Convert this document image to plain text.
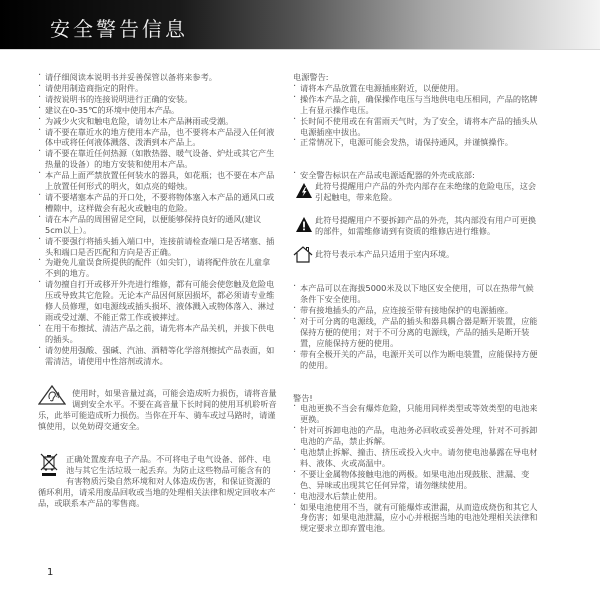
安全警告信息
· 请仔细阅读本说明书并妥善保管以备将来参考。
· 请使用制造商指定的附件。
· 请按说明书的连接说明进行正确的安装。
· 建议在0-35℃的环境中使用本产品。
· 为减少火灾和触电危险，请勿让本产品淋雨或受潮。
· 请不要在靠近水的地方使用本产品，也不要将本产品浸入任何液体中或将任何液体溅落、泼洒到本产品上。
· 请不要在靠近任何热源（如散热器、暖气设备、炉灶或其它产生热量的设备）的地方安装和使用本产品。
· 本产品上面严禁放置任何装水的器具，如花瓶；也不要在本产品上放置任何形式的明火，如点亮的蜡烛。
· 请不要堵塞本产品的开口处，不要将物体塞入本产品的通风口或槽隙中，这样做会有起火或触电的危险。
· 请在本产品的周围留足空间，以便能够保持良好的通风(建议5cm以上）。
· 请不要强行将插头插入端口中，连接前请检查端口是否堵塞、插头和端口是否匹配和方向是否正确。
· 为避免儿童误食所提供的配件（如尖钉），请将配件放在儿童拿不到的地方。
· 请勿擅自打开或移开外壳进行维修，都有可能会使您触及危险电压或导致其它危险。无论本产品因何原因损坏，都必须请专业维修人员修理，如电源线或插头损坏、液体溅入或物体落入、淋过雨或受过潮、不能正常工作或被摔过。
· 在用干布擦拭、清洁产品之前，请先将本产品关机，并拔下供电的插头。
· 请勿使用强酸、强碱、汽油、酒精等化学溶剂擦拭产品表面，如需清洁，请使用中性溶剂或清水。
使用时，如果音量过高，可能会造成听力损伤，请将音量调到安全水平。不要在高音量下长时间的使用耳机聆听音乐，此举可能造成听力损伤。当你在开车、骑车或过马路时，请谨慎使用，以免妨碍交通安全。
正确处置废弃电子产品。不可将电子电气设备、部件、电池与其它生活垃圾一起丢弃。为防止这些物品可能含有的有害物质污染自然环境和对人体造成伤害，和保证资源的循环利用，请采用废品回收或当地的处理相关法律和规定回收本产品，或联系本产品的零售商。
电源警告:
· 请将本产品放置在电源插座附近，以便使用。
· 操作本产品之前，确保操作电压与当地供电电压相同，产品的铭牌上有显示操作电压。
· 长时间不使用或在有雷雨天气时，为了安全，请将本产品的插头从电源插座中拔出。
· 正常情况下，电源可能会发热，请保持通风，并谨慎操作。
· 安全警告标识在产品或电源适配器的外壳或底部:
此符号提醒用户产品的外壳内部存在未绝缘的危险电压，这会引起触电，带来危险。
此符号提醒用户不要拆卸产品的外壳，其内部没有用户可更换的部件，如需维修请到有资质的维修店进行维修。
此符号表示本产品只适用于室内环境。
· 本产品可以在海拔5000米及以下地区安全使用，可以在热带气候条件下安全使用。
· 带有接地插头的产品，应连接至带有接地保护的电源插座。
· 对于可分离的电源线，产品的插头和器具耦合器是断开装置，应能保持方便的使用；对于不可分离的电源线，产品的插头是断开装置，应能保持方便的使用。
· 带有全极开关的产品，电源开关可以作为断电装置，应能保持方便的使用。
警告!
· 电池更换不当会有爆炸危险，只能用同样类型或等效类型的电池来更换。
· 针对可拆卸电池的产品，电池务必回收或妥善处理，针对不可拆卸电池的产品，禁止拆解。
· 电池禁止拆解、撞击、挤压或投入火中。请勿使电池暴露在导电材料、液体、火或高温中。
· 不要让金属物体接触电池的两极。如果电池出现鼓胀、泄漏、变色、异味或出现其它任何异常，请勿继续使用。
· 电池浸水后禁止使用。
· 如果电池使用不当，就有可能爆炸或泄漏，从而造成烧伤和其它人身伤害；如果电池泄漏，应小心并根据当地的电池处理相关法律和规定要求立即弃置电池。
1
